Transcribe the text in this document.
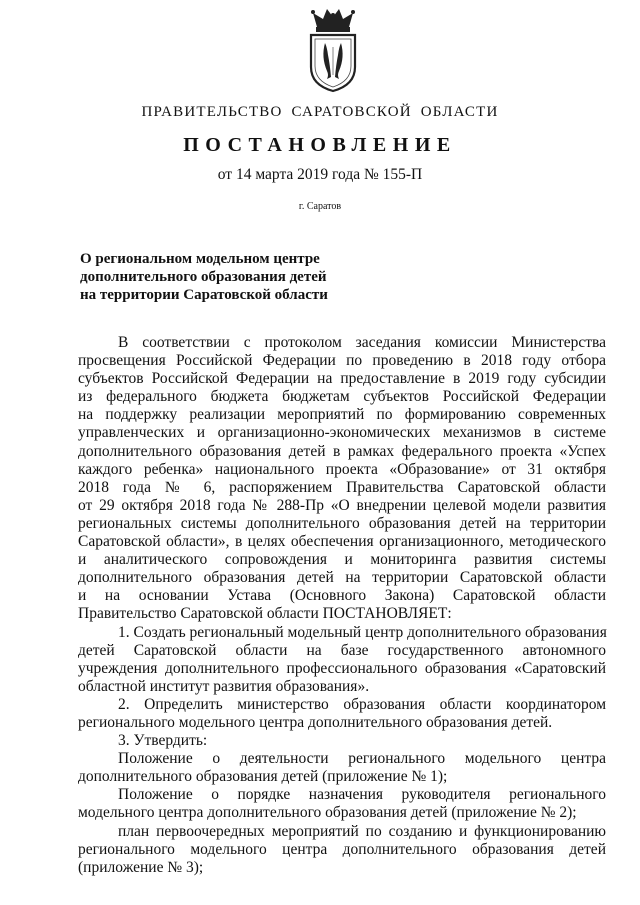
ПРАВИТЕЛЬСТВО САРАТОВСКОЙ ОБЛАСТИ
ПОСТАНОВЛЕНИЕ
от 14 марта 2019 года № 155-П
г. Саратов
О региональном модельном центре
дополнительного образования детей
на территории Саратовской области
В соответствии с протоколом заседания комиссии Министерства
просвещения Российской Федерации по проведению в 2018 году отбора
субъектов Российской Федерации на предоставление в 2019 году субсидии
из федерального бюджета бюджетам субъектов Российской Федерации
на поддержку реализации мероприятий по формированию современных
управленческих и организационно-экономических механизмов в системе
дополнительного образования детей в рамках федерального проекта «Успех
каждого ребенка» национального проекта «Образование» от 31 октября
2018 года № 6, распоряжением Правительства Саратовской области
от 29 октября 2018 года № 288-Пр «О внедрении целевой модели развития
региональных системы дополнительного образования детей на территории
Саратовской области», в целях обеспечения организационного, методического
и аналитического сопровождения и мониторинга развития системы
дополнительного образования детей на территории Саратовской области
и на основании Устава (Основного Закона) Саратовской области
Правительство Саратовской области ПОСТАНОВЛЯЕТ:
1. Создать региональный модельный центр дополнительного образования
детей Саратовской области на базе государственного автономного
учреждения дополнительного профессионального образования «Саратовский
областной институт развития образования».
2. Определить министерство образования области координатором
регионального модельного центра дополнительного образования детей.
3. Утвердить:
Положение о деятельности регионального модельного центра
дополнительного образования детей (приложение № 1);
Положение о порядке назначения руководителя регионального
модельного центра дополнительного образования детей (приложение № 2);
план первоочередных мероприятий по созданию и функционированию
регионального модельного центра дополнительного образования детей
(приложение № 3);
